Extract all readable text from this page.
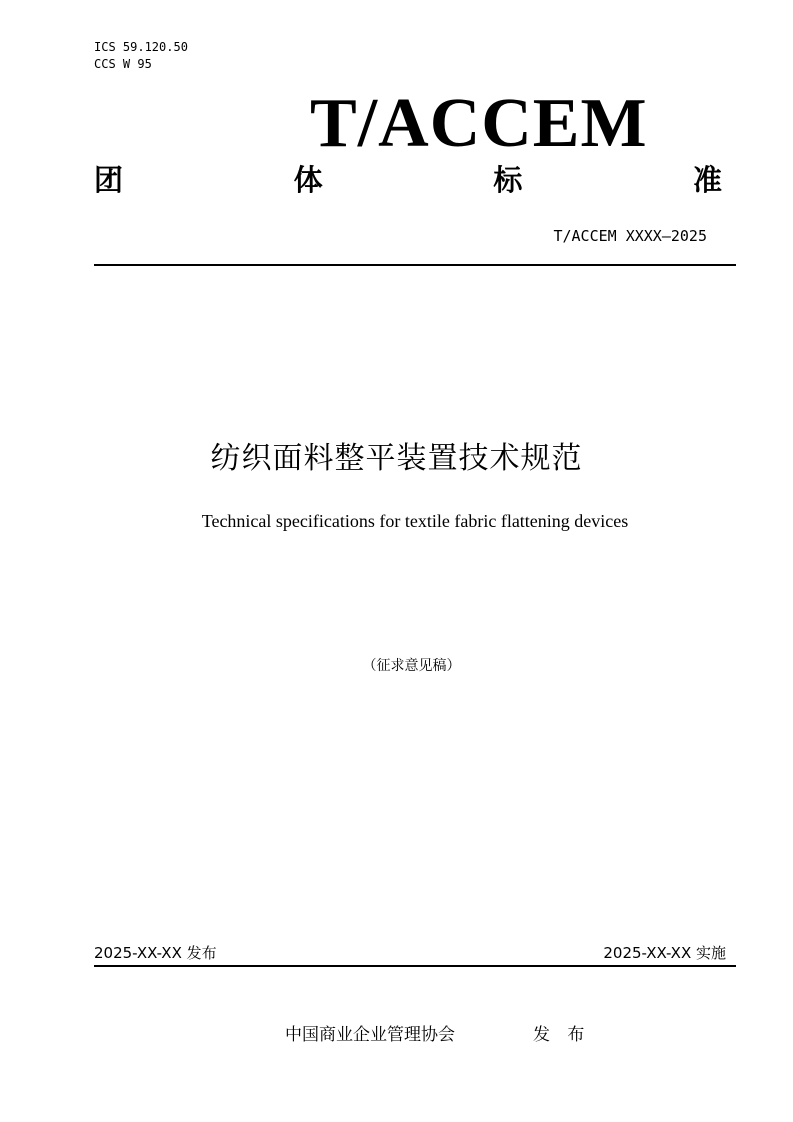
ICS 59.120.50
CCS W 95
T/ACCEM
团	体	标	准
T/ACCEM XXXX—2025
纺织面料整平装置技术规范
Technical specifications for textile fabric flattening devices
（征求意见稿）
2025-XX-XX 发布	2025-XX-XX 实施
中国商业企业管理协会	发 布
